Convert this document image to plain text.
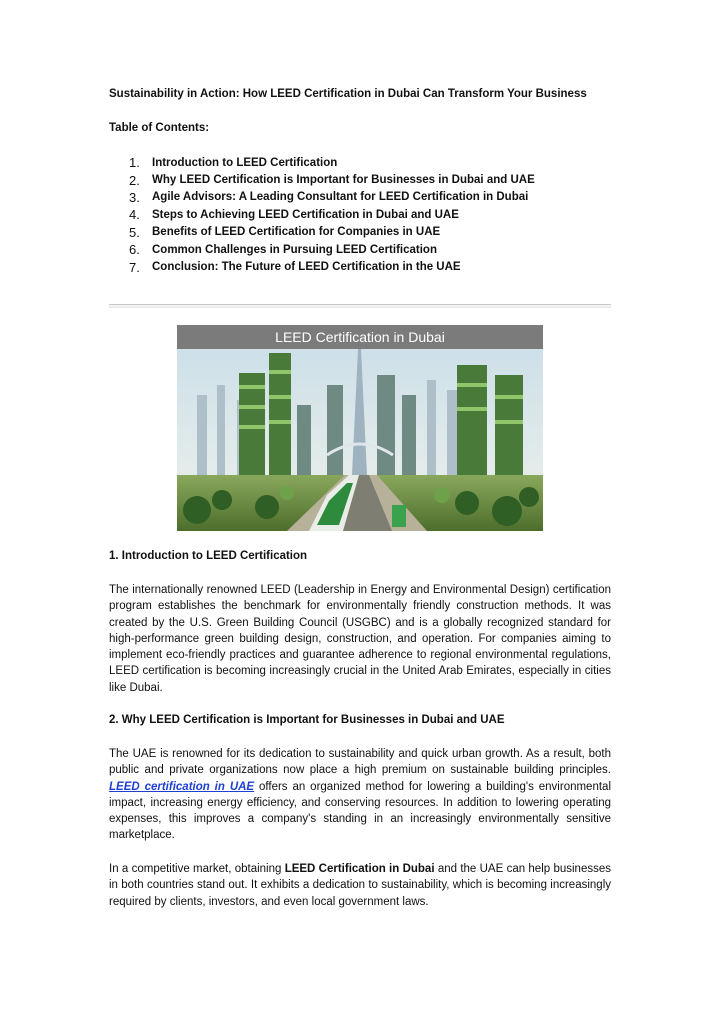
Sustainability in Action: How LEED Certification in Dubai Can Transform Your Business
Table of Contents:
1.	Introduction to LEED Certification
2.	Why LEED Certification is Important for Businesses in Dubai and UAE
3.	Agile Advisors: A Leading Consultant for LEED Certification in Dubai
4.	Steps to Achieving LEED Certification in Dubai and UAE
5.	Benefits of LEED Certification for Companies in UAE
6.	Common Challenges in Pursuing LEED Certification
7.	Conclusion: The Future of LEED Certification in the UAE
LEED Certification in Dubai
1. Introduction to LEED Certification

The internationally renowned LEED (Leadership in Energy and Environmental Design) certification program establishes the benchmark for environmentally friendly construction methods. It was created by the U.S. Green Building Council (USGBC) and is a globally recognized standard for high-performance green building design, construction, and operation. For companies aiming to implement eco-friendly practices and guarantee adherence to regional environmental regulations, LEED certification is becoming increasingly crucial in the United Arab Emirates, especially in cities like Dubai.

2. Why LEED Certification is Important for Businesses in Dubai and UAE

The UAE is renowned for its dedication to sustainability and quick urban growth. As a result, both public and private organizations now place a high premium on sustainable building principles. LEED certification in UAE offers an organized method for lowering a building's environmental impact, increasing energy efficiency, and conserving resources. In addition to lowering operating expenses, this improves a company's standing in an increasingly environmentally sensitive marketplace.

In a competitive market, obtaining LEED Certification in Dubai and the UAE can help businesses in both countries stand out. It exhibits a dedication to sustainability, which is becoming increasingly required by clients, investors, and even local government laws.
